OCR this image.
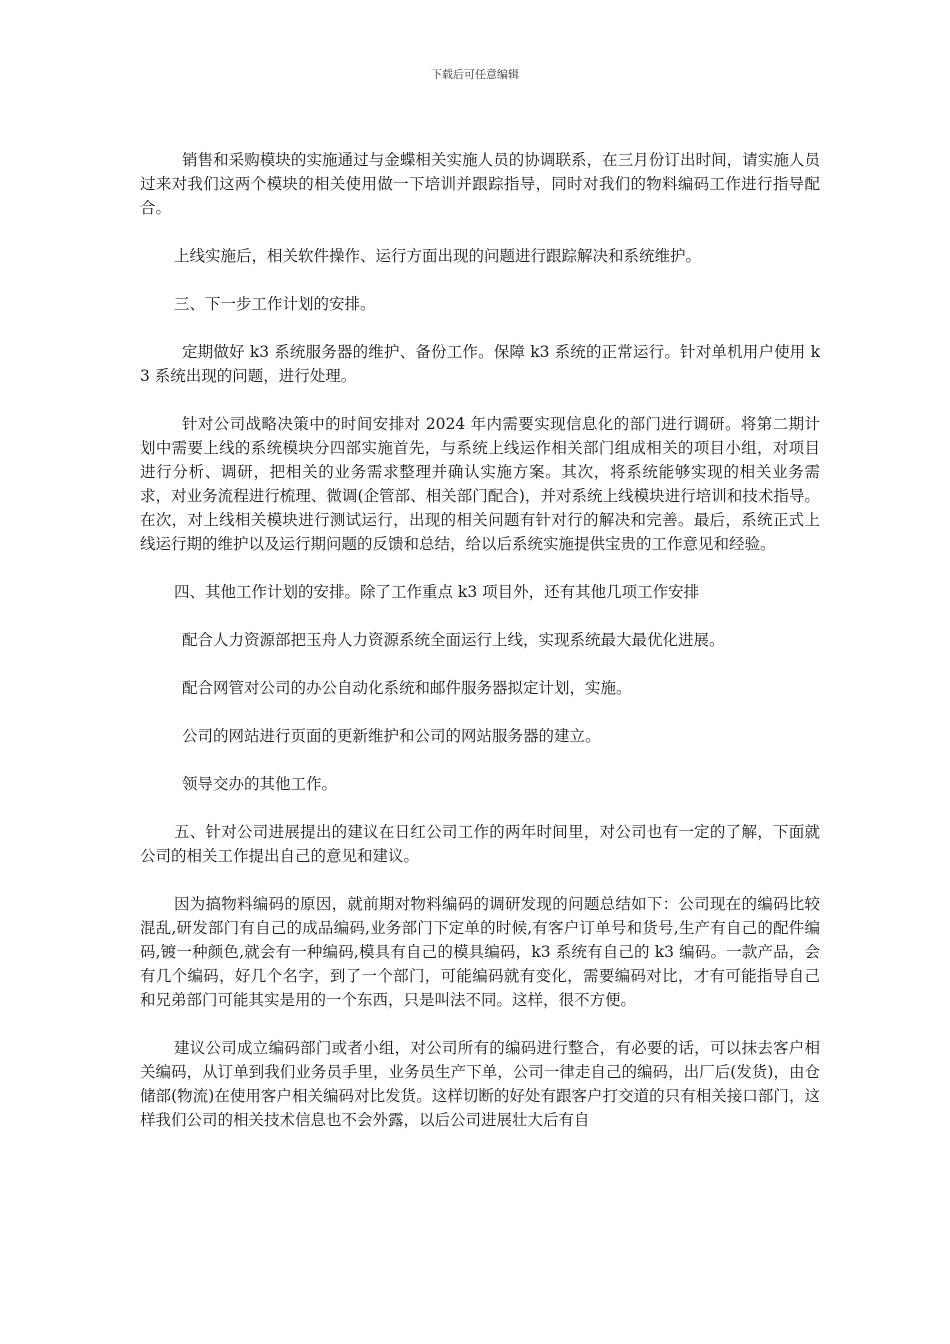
下载后可任意编辑

销售和采购模块的实施通过与金蝶相关实施人员的协调联系，在三月份订出时间，请实施人员过来对我们这两个模块的相关使用做一下培训并跟踪指导，同时对我们的物料编码工作进行指导配合。

上线实施后，相关软件操作、运行方面出现的问题进行跟踪解决和系统维护。

三、下一步工作计划的安排。

定期做好 k3 系统服务器的维护、备份工作。保障 k3 系统的正常运行。针对单机用户使用 k3 系统出现的问题，进行处理。

针对公司战略决策中的时间安排对 2024 年内需要实现信息化的部门进行调研。将第二期计划中需要上线的系统模块分四部实施首先，与系统上线运作相关部门组成相关的项目小组，对项目进行分析、调研，把相关的业务需求整理并确认实施方案。其次，将系统能够实现的相关业务需求，对业务流程进行梳理、微调(企管部、相关部门配合)，并对系统上线模块进行培训和技术指导。在次，对上线相关模块进行测试运行，出现的相关问题有针对行的解决和完善。最后，系统正式上线运行期的维护以及运行期问题的反馈和总结，给以后系统实施提供宝贵的工作意见和经验。

四、其他工作计划的安排。除了工作重点 k3 项目外，还有其他几项工作安排

配合人力资源部把玉舟人力资源系统全面运行上线，实现系统最大最优化进展。

配合网管对公司的办公自动化系统和邮件服务器拟定计划，实施。

公司的网站进行页面的更新维护和公司的网站服务器的建立。

领导交办的其他工作。

五、针对公司进展提出的建议在日红公司工作的两年时间里，对公司也有一定的了解，下面就公司的相关工作提出自己的意见和建议。

因为搞物料编码的原因，就前期对物料编码的调研发现的问题总结如下：公司现在的编码比较混乱,研发部门有自己的成品编码,业务部门下定单的时候,有客户订单号和货号,生产有自己的配件编码,镀一种颜色,就会有一种编码,模具有自己的模具编码，k3 系统有自己的 k3 编码。一款产品，会有几个编码，好几个名字，到了一个部门，可能编码就有变化，需要编码对比，才有可能指导自己和兄弟部门可能其实是用的一个东西，只是叫法不同。这样，很不方便。

建议公司成立编码部门或者小组，对公司所有的编码进行整合，有必要的话，可以抹去客户相关编码，从订单到我们业务员手里，业务员生产下单，公司一律走自己的编码，出厂后(发货)，由仓储部(物流)在使用客户相关编码对比发货。这样切断的好处有跟客户打交道的只有相关接口部门，这样我们公司的相关技术信息也不会外露，以后公司进展壮大后有自
